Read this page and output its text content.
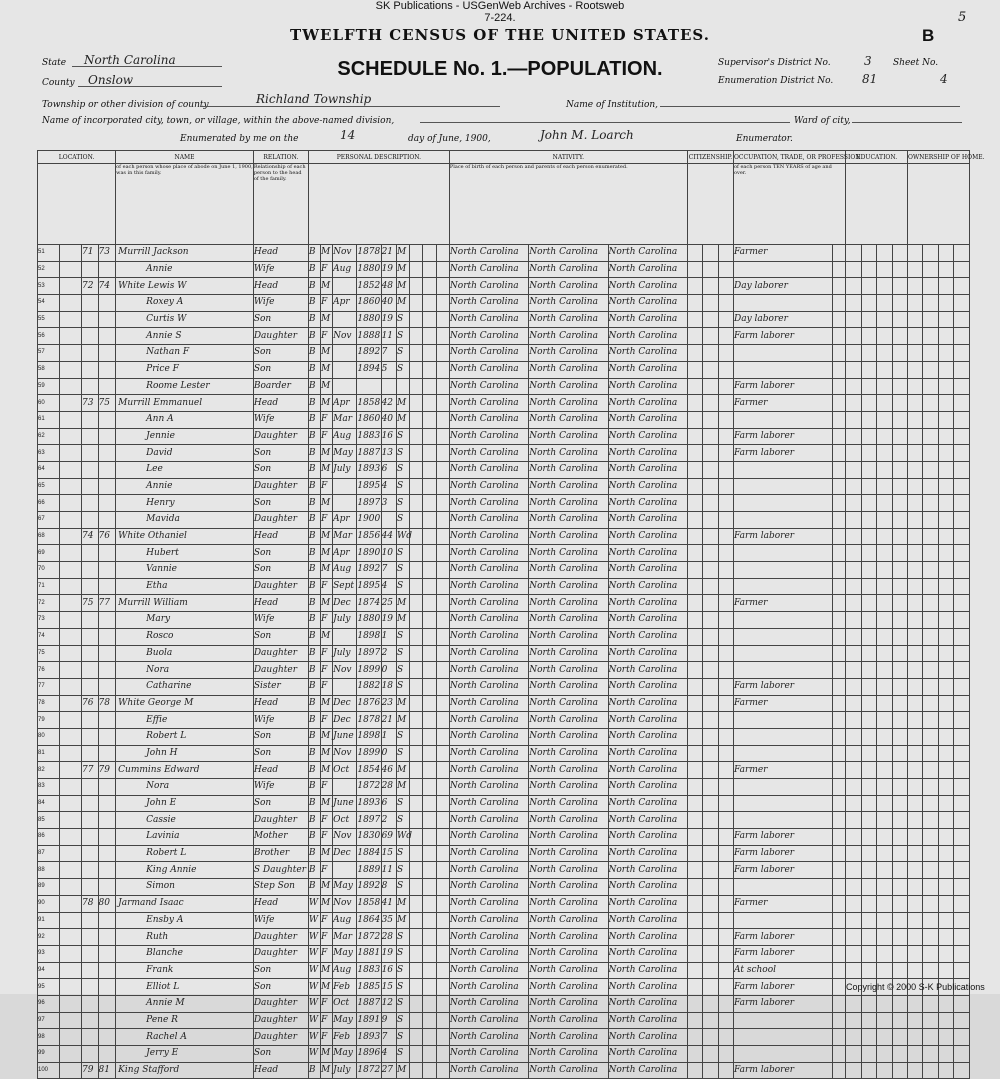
SK Publications - USGenWeb Archives - Rootsweb
7-224.	5
TWELFTH CENSUS OF THE UNITED STATES.	B
SCHEDULE No. 1.—POPULATION.
State North Carolina
County Onslow
Supervisor's District No.	3 Sheet No.
Enumeration District No. 81	4
Township or other division of county	Richland Township	Name of Institution,
Name of incorporated city, town, or village, within the above-named division,	Ward of city,
Enumerated by me on the	14	day of June, 1900,	John M. Loarch	Enumerator.
LOCATION.				NAME	RELATION.	PERSONAL DESCRIPTION.									NATIVITY.			CITIZENSHIP.			OCCUPATION, TRADE, OR PROFESSION		EDUCATION.				OWNERSHIP OF HOME.			
				of each person whose place of abode on June 1, 1900, was in this family.	Relationship of each person to the head of the family.										Place of birth of each person and parents of each person enumerated.						of each person TEN YEARS of age and over.									
51		71	73	Murrill Jackson	Head	B	M	Nov	1878	21	M				North Carolina	North Carolina	North Carolina				Farmer									
52				Annie	Wife	B	F	Aug	1880	19	M				North Carolina	North Carolina	North Carolina													
53		72	74	White Lewis W	Head	B	M		1852	48	M				North Carolina	North Carolina	North Carolina				Day laborer									
54				Roxey A	Wife	B	F	Apr	1860	40	M				North Carolina	North Carolina	North Carolina													
55				Curtis W	Son	B	M		1880	19	S				North Carolina	North Carolina	North Carolina				Day laborer									
56				Annie S	Daughter	B	F	Nov	1888	11	S				North Carolina	North Carolina	North Carolina				Farm laborer									
57				Nathan F	Son	B	M		1892	7	S				North Carolina	North Carolina	North Carolina													
58				Price F	Son	B	M		1894	5	S				North Carolina	North Carolina	North Carolina													
59				Roome Lester	Boarder	B	M								North Carolina	North Carolina	North Carolina				Farm laborer									
60		73	75	Murrill Emmanuel	Head	B	M	Apr	1858	42	M				North Carolina	North Carolina	North Carolina				Farmer									
61				Ann A	Wife	B	F	Mar	1860	40	M				North Carolina	North Carolina	North Carolina													
62				Jennie	Daughter	B	F	Aug	1883	16	S				North Carolina	North Carolina	North Carolina				Farm laborer									
63				David	Son	B	M	May	1887	13	S				North Carolina	North Carolina	North Carolina				Farm laborer									
64				Lee	Son	B	M	July	1893	6	S				North Carolina	North Carolina	North Carolina													
65				Annie	Daughter	B	F		1895	4	S				North Carolina	North Carolina	North Carolina													
66				Henry	Son	B	M		1897	3	S				North Carolina	North Carolina	North Carolina													
67				Mavida	Daughter	B	F	Apr	1900		S				North Carolina	North Carolina	North Carolina													
68		74	76	White Othaniel	Head	B	M	Mar	1856	44	Wd				North Carolina	North Carolina	North Carolina				Farm laborer									
69				Hubert	Son	B	M	Apr	1890	10	S				North Carolina	North Carolina	North Carolina													
70				Vannie	Son	B	M	Aug	1892	7	S				North Carolina	North Carolina	North Carolina													
71				Etha	Daughter	B	F	Sept	1895	4	S				North Carolina	North Carolina	North Carolina													
72		75	77	Murrill William	Head	B	M	Dec	1874	25	M				North Carolina	North Carolina	North Carolina				Farmer									
73				Mary	Wife	B	F	July	1880	19	M				North Carolina	North Carolina	North Carolina													
74				Rosco	Son	B	M		1898	1	S				North Carolina	North Carolina	North Carolina													
75				Buola	Daughter	B	F	July	1897	2	S				North Carolina	North Carolina	North Carolina													
76				Nora	Daughter	B	F	Nov	1899	0	S				North Carolina	North Carolina	North Carolina													
77				Catharine	Sister	B	F		1882	18	S				North Carolina	North Carolina	North Carolina				Farm laborer									
78		76	78	White George M	Head	B	M	Dec	1876	23	M				North Carolina	North Carolina	North Carolina				Farmer									
79				Effie	Wife	B	F	Dec	1878	21	M				North Carolina	North Carolina	North Carolina													
80				Robert L	Son	B	M	June	1898	1	S				North Carolina	North Carolina	North Carolina													
81				John H	Son	B	M	Nov	1899	0	S				North Carolina	North Carolina	North Carolina													
82		77	79	Cummins Edward	Head	B	M	Oct	1854	46	M				North Carolina	North Carolina	North Carolina				Farmer									
83				Nora	Wife	B	F		1872	28	M				North Carolina	North Carolina	North Carolina													
84				John E	Son	B	M	June	1893	6	S				North Carolina	North Carolina	North Carolina													
85				Cassie	Daughter	B	F	Oct	1897	2	S				North Carolina	North Carolina	North Carolina													
86				Lavinia	Mother	B	F	Nov	1830	69	Wd				North Carolina	North Carolina	North Carolina				Farm laborer									
87				Robert L	Brother	B	M	Dec	1884	15	S				North Carolina	North Carolina	North Carolina				Farm laborer									
88				King Annie	S Daughter	B	F		1889	11	S				North Carolina	North Carolina	North Carolina				Farm laborer									
89				Simon	Step Son	B	M	May	1892	8	S				North Carolina	North Carolina	North Carolina													
90		78	80	Jarmand Isaac	Head	W	M	Nov	1858	41	M				North Carolina	North Carolina	North Carolina				Farmer									
91				Ensby A	Wife	W	F	Aug	1864	35	M				North Carolina	North Carolina	North Carolina													
92				Ruth	Daughter	W	F	Mar	1872	28	S				North Carolina	North Carolina	North Carolina				Farm laborer									
93				Blanche	Daughter	W	F	May	1881	19	S				North Carolina	North Carolina	North Carolina				Farm laborer									
94				Frank	Son	W	M	Aug	1883	16	S				North Carolina	North Carolina	North Carolina				At school									
95				Elliot L	Son	W	M	Feb	1885	15	S				North Carolina	North Carolina	North Carolina				Farm laborer									
96				Annie M	Daughter	W	F	Oct	1887	12	S				North Carolina	North Carolina	North Carolina				Farm laborer									
97				Pene R	Daughter	W	F	May	1891	9	S				North Carolina	North Carolina	North Carolina													
98				Rachel A	Daughter	W	F	Feb	1893	7	S				North Carolina	North Carolina	North Carolina													
99				Jerry E	Son	W	M	May	1896	4	S				North Carolina	North Carolina	North Carolina													
100		79	81	King Stafford	Head	B	M	July	1872	27	M				North Carolina	North Carolina	North Carolina				Farm laborer									
Copyright © 2000 S-K Publications
